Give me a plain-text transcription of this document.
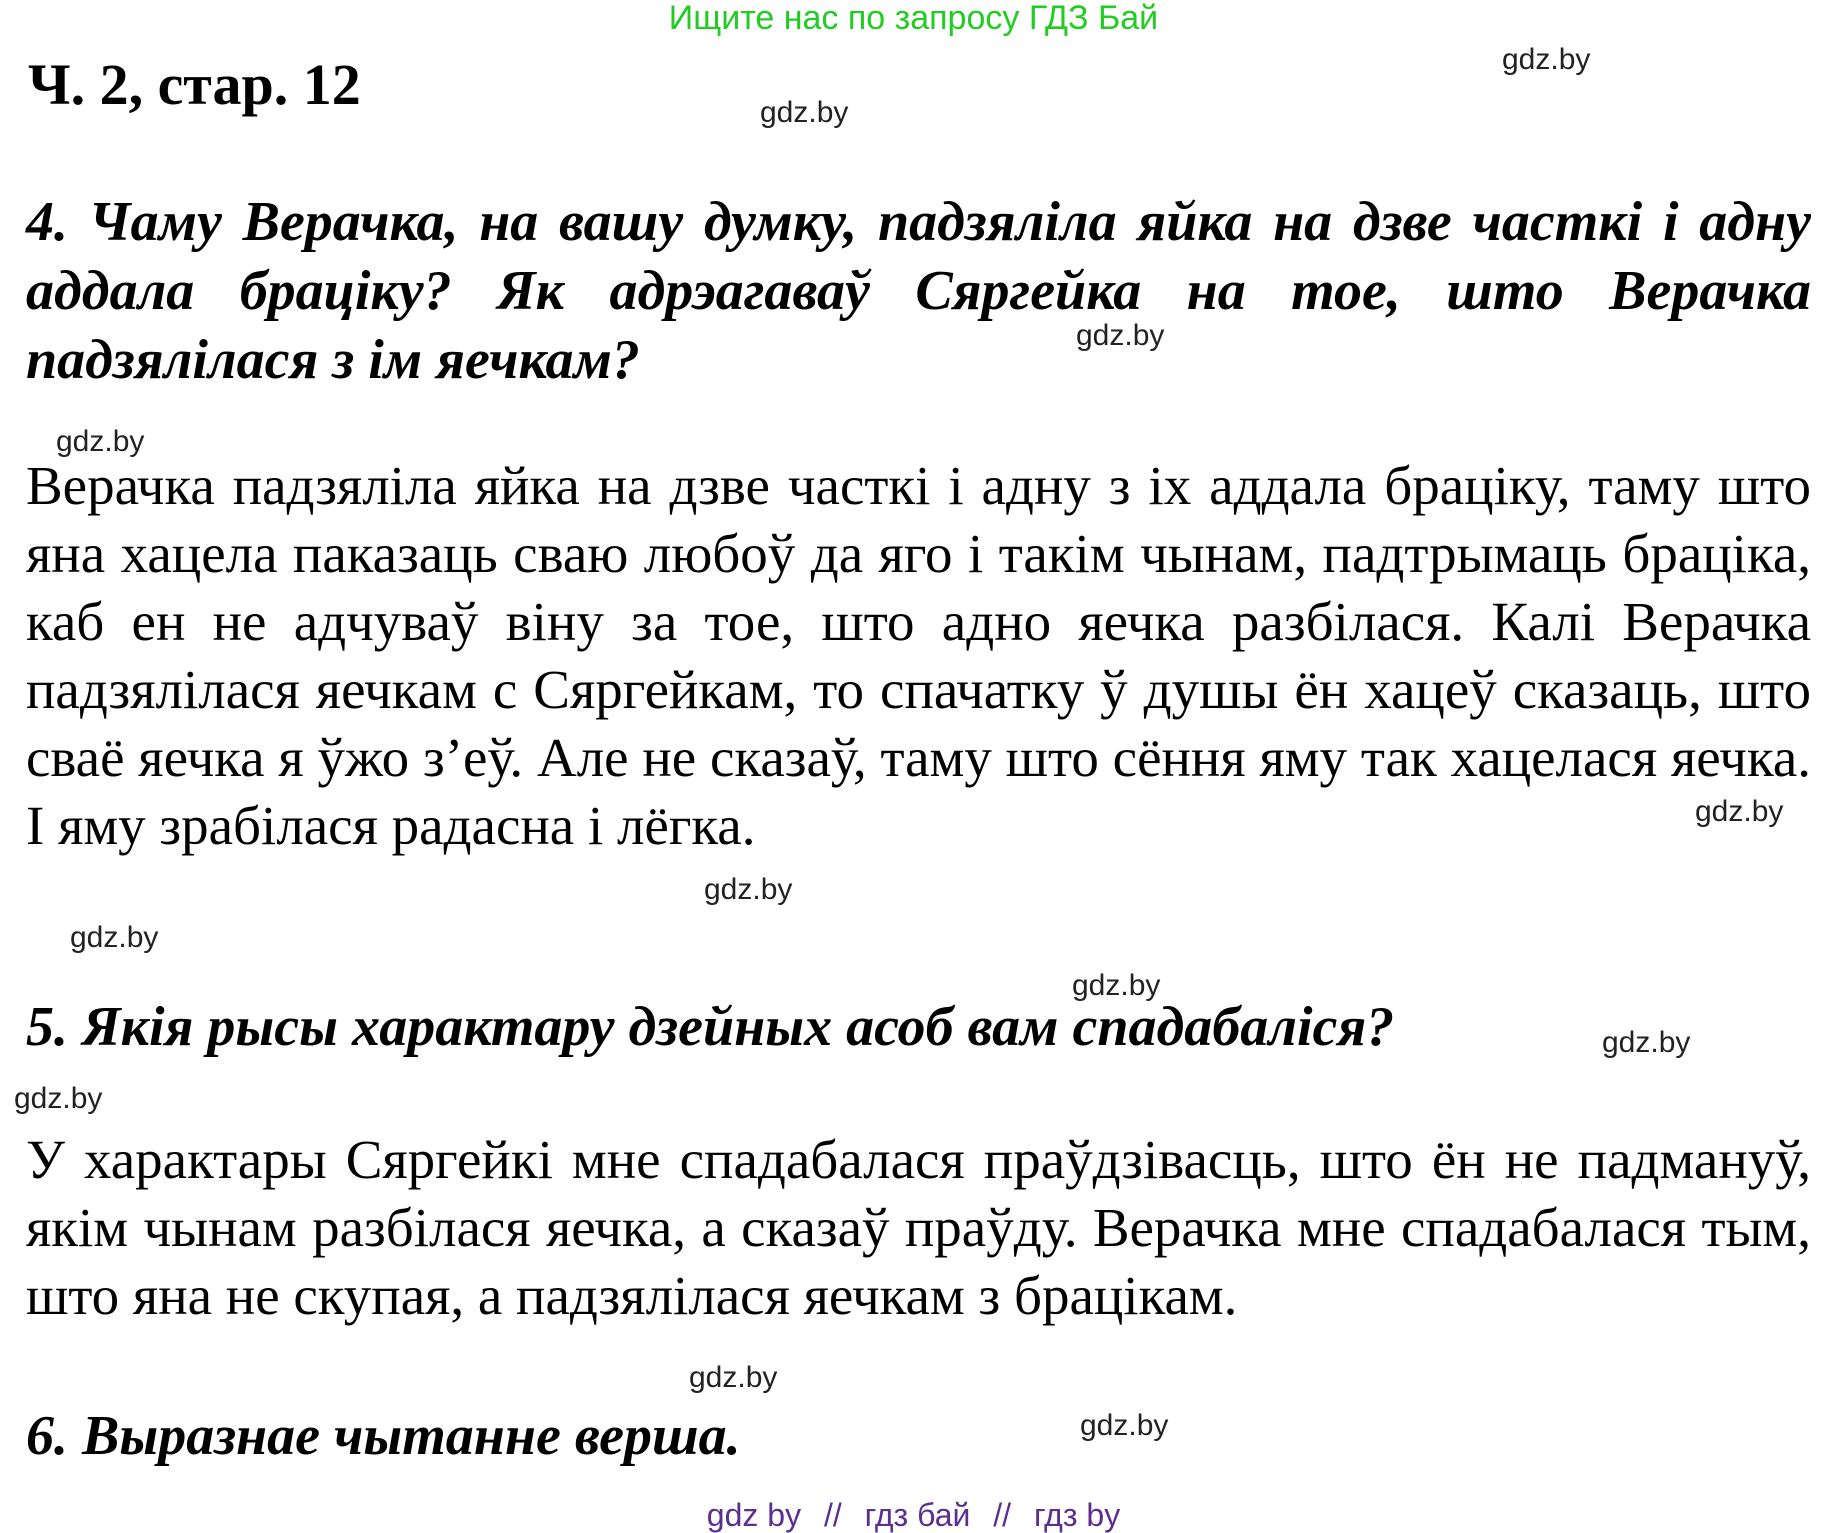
Ищите нас по запросу ГДЗ Бай
Ч. 2, стар. 12

4. Чаму Верачка, на вашу думку, падзяліла яйка на дзве часткі і адну аддала брацiку? Як адрэагаваў Сяргейка на тое, што Верачка падзялілася з ім яечкам?

Верачка падзяліла яйка на дзве часткі і адну з іх аддала брацiку, таму што яна хацела паказаць сваю любоў да яго і такім чынам, падтрымаць брацiка, каб ен не адчуваў віну за тое, што адно яечка разбiлася. Калі Верачка падзялiлася яечкам с Сяргейкам, то спачатку ў душы ён хацеў сказаць, што сваё яечка я ўжо з’еў. Але не сказаў, таму што сёння яму так хацелася яечка. І яму зрабiлася радасна і лёгка.

5. Якія рысы характару дзейных асоб вам спадабаліся?

У характары Сяргейкі мне спадабалася праўдзівасць, што ён не падмануў, якім чынам разбiлася яечка, а сказаў праўду. Верачка мне спадабалася тым, што яна не скупая, а падзялiлася яечкам з брацікам.

6. Выразнае чытанне верша.

gdz.by
gdz.by
gdz.by
gdz.by
gdz.by
gdz.by
gdz.by
gdz.by
gdz.by
gdz.by
gdz.by
gdz.by
gdz by // гдз бай // гдз by
